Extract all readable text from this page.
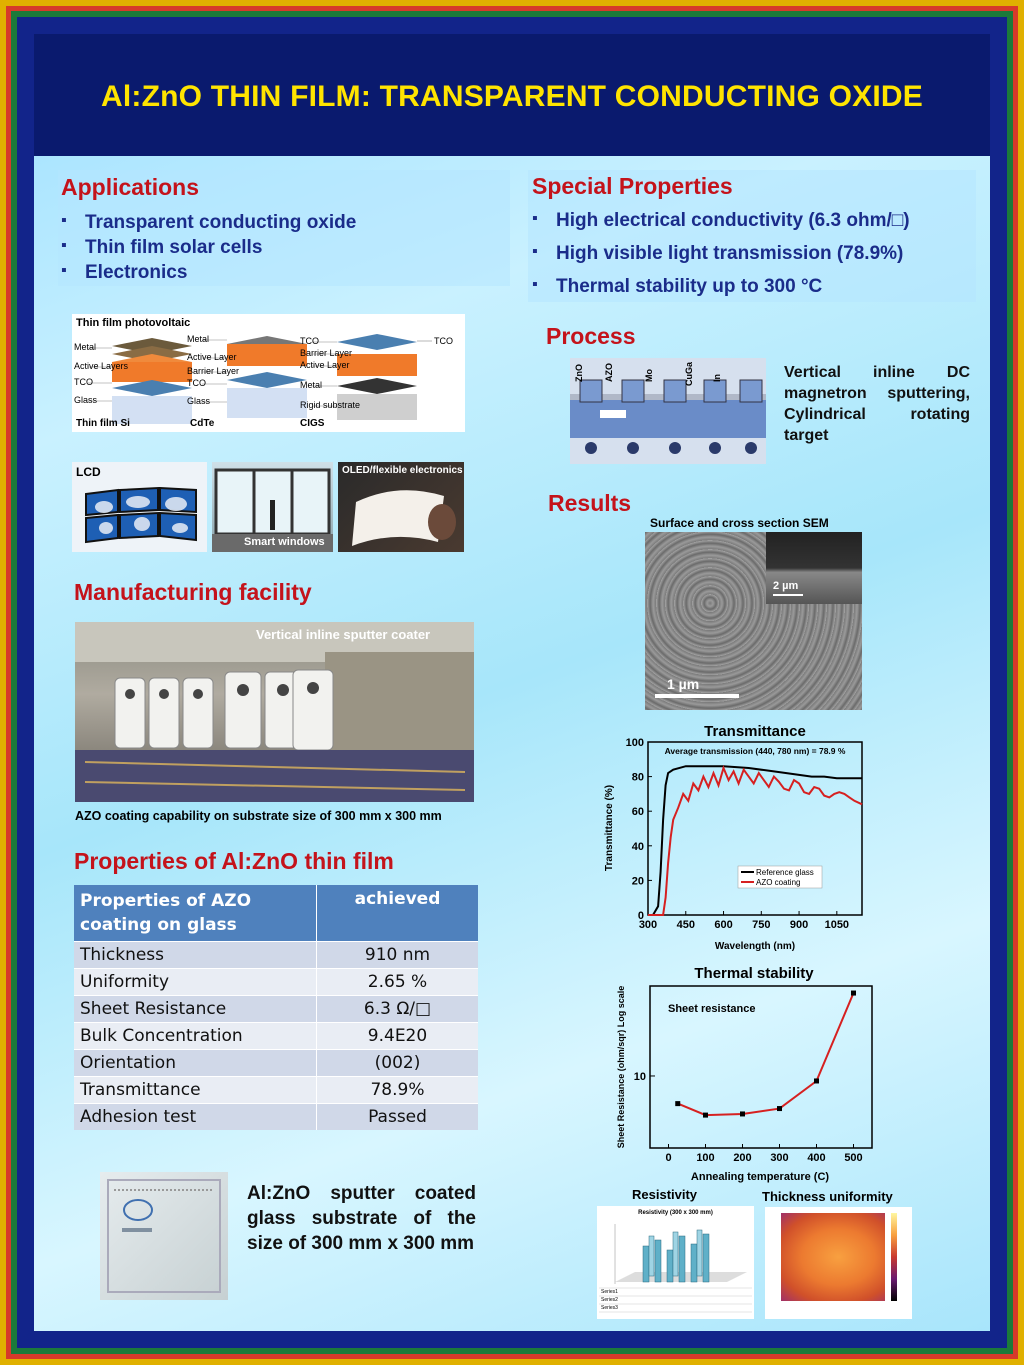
Al:ZnO THIN FILM: TRANSPARENT CONDUCTING OXIDE
Applications
▪ Transparent conducting oxide
▪ Thin film solar cells
▪ Electronics
Special Properties
▪ High electrical conductivity (6.3 ohm/□)
▪ High visible light transmission (78.9%)
▪ Thermal stability up to 300 °C
Thin film photovoltaic
Metal
Active Layers
TCO
Glass
Metal
Active Layer
Barrier Layer
TCO
Glass
TCO
Barrier Layer
Active Layer
Metal
Rigid substrate
TCO
Thin film Si	CdTe	CIGS
LCD
Smart windows
OLED/flexible electronics
Manufacturing facility
Vertical inline sputter coater
AZO coating capability on substrate size of 300 mm x 300 mm
Properties of Al:ZnO thin film
Properties of AZO coating on glass	achieved
Thickness	910 nm
Uniformity	2.65 %
Sheet Resistance	6.3 Ω/□
Bulk Concentration	9.4E20
Orientation	(002)
Transmittance	78.9%
Adhesion test	Passed
Al:ZnO sputter coated glass substrate of the size of 300 mm x 300 mm
Process
ZnO AZO	Mo	CuGa In	Vertical inline DC magnetron sputtering, Cylindrical rotating target
Results
Surface and cross section SEM
2 µm
1 µm
Transmittance
Average transmission (440, 780 nm) = 78.9 %
Transmittance (%)
Wavelength (nm)
300 450 600 750 900 1050
0
20
40
60
80
100
Reference glass
AZO coating
Thermal stability
Sheet resistance
Sheet Resistance (ohm/sqr) Log scale
Annealing temperature (C)
0 100 200 300 400 500
10
Resistivity
Resistivity (300 x 300 mm)
Series1
Series2
Series3
Thickness uniformity
